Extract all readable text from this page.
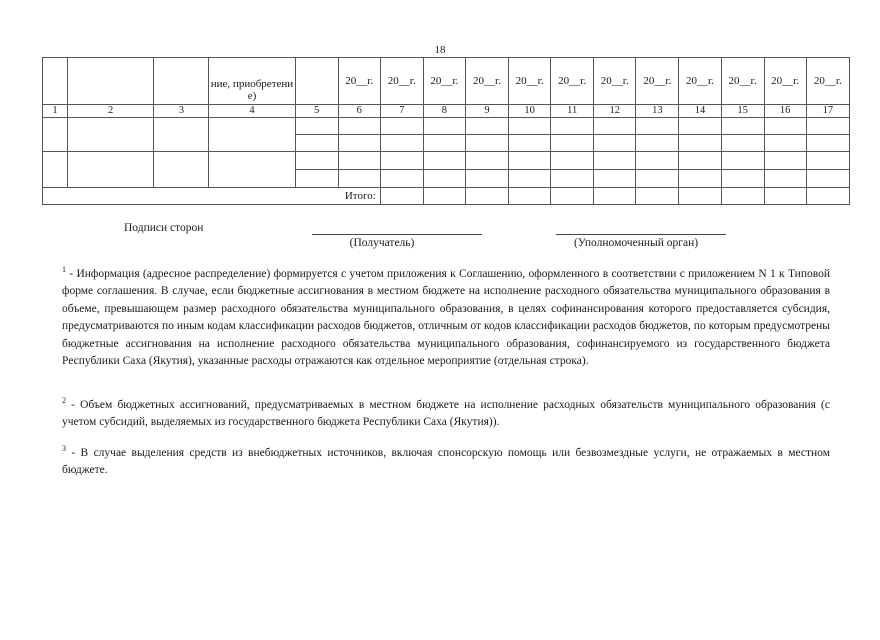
18
			ние, приобретени е)		20__г.	20__г.	20__г.	20__г.	20__г.	20__г.	20__г.	20__г.	20__г.	20__г.	20__г.	20__г.
1	2	3	4	5	6	7	8	9	10	11	12	13	14	15	16	17

Итого:																
Подписи сторон
(Получатель)	(Уполномоченный орган)
$^1$ - Информация (адресное распределение) формируется с учетом приложения к Соглашению, оформленного в соответствии с приложением N 1 к Типовой форме соглашения. В случае, если бюджетные ассигнования в местном бюджете на исполнение расходного обязательства муниципального образования в объеме, превышающем размер расходного обязательства муниципального образования, в целях софинансирования которого предоставляется субсидия, предусматриваются по иным кодам классификации расходов бюджетов, отличным от кодов классификации расходов бюджетов, по которым предусмотрены бюджетные ассигнования на исполнение расходного обязательства муниципального образования, софинансируемого из государственного бюджета Республики Саха (Якутия), указанные расходы отражаются как отдельное мероприятие (отдельная строка).
$^2$ - Объем бюджетных ассигнований, предусматриваемых в местном бюджете на исполнение расходных обязательств муниципального образования (с учетом субсидий, выделяемых из государственного бюджета Республики Саха (Якутия)).
$^3$ - В случае выделения средств из внебюджетных источников, включая спонсорскую помощь или безвозмездные услуги, не отражаемых в местном бюджете.
